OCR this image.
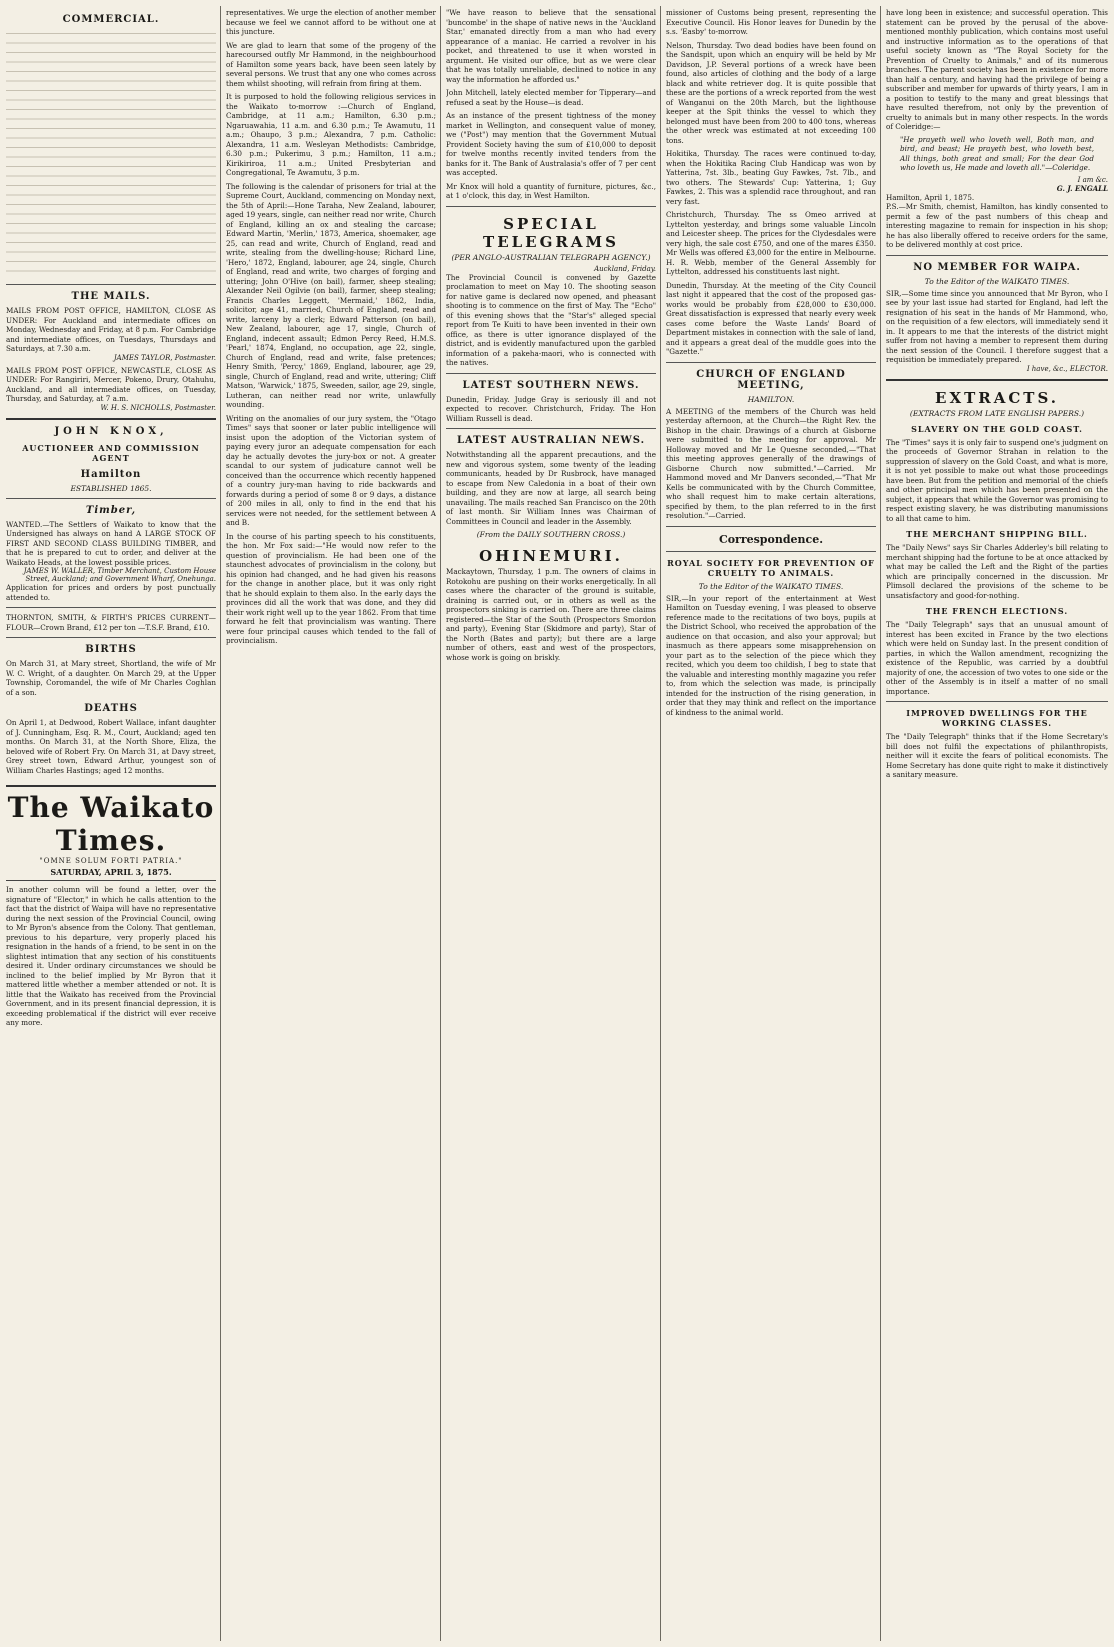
COMMERCIAL.
THE MAILS.
MAILS FROM POST OFFICE, HAMILTON, CLOSE AS UNDER: For Auckland and intermediate offices on Monday, Wednesday and Friday, at 8 p.m. For Cambridge and intermediate offices, on Tuesdays, Thursdays and Saturdays, at 7.30 a.m.
JAMES TAYLOR, Postmaster.
MAILS FROM POST OFFICE, NEWCASTLE, CLOSE AS UNDER: For Rangiriri, Mercer, Pokeno, Drury, Otahuhu, Auckland, and all intermediate offices, on Tuesday, Thursday, and Saturday, at 7 a.m.
W. H. S. NICHOLLS, Postmaster.
JOHN KNOX,
AUCTIONEER AND COMMISSION AGENT
Hamilton
ESTABLISHED 1865.
Timber,
WANTED.—The Settlers of Waikato to know that the Undersigned has always on hand A LARGE STOCK OF FIRST AND SECOND CLASS BUILDING TIMBER, and that he is prepared to cut to order, and deliver at the Waikato Heads, at the lowest possible prices.
JAMES W. WALLER, Timber Merchant, Custom House Street, Auckland; and Government Wharf, Onehunga.
Application for prices and orders by post punctually attended to.
THORNTON, SMITH, & FIRTH'S PRICES CURRENT— FLOUR—Crown Brand, £12 per ton —T.S.F. Brand, £10.
BIRTHS
On March 31, at Mary street, Shortland, the wife of Mr W. C. Wright, of a daughter. On March 29, at the Upper Township, Coromandel, the wife of Mr Charles Coghlan of a son.
DEATHS
On April 1, at Dedwood, Robert Wallace, infant daughter of J. Cunningham, Esq. R. M., Court, Auckland; aged ten months. On March 31, at the North Shore, Eliza, the beloved wife of Robert Fry. On March 31, at Davy street, Grey street town, Edward Arthur, youngest son of William Charles Hastings; aged 12 months.
The Waikato Times.
"OMNE SOLUM FORTI PATRIA."
SATURDAY, APRIL 3, 1875.
In another column will be found a letter, over the signature of "Elector," in which he calls attention to the fact that the district of Waipa will have no representative during the next session of the Provincial Council, owing to Mr Byron's absence from the Colony. That gentleman, previous to his departure, very properly placed his resignation in the hands of a friend, to be sent in on the slightest intimation that any section of his constituents desired it. Under ordinary circumstances we should be inclined to the belief implied by Mr Byron that it mattered little whether a member attended or not. It is little that the Waikato has received from the Provincial Government, and in its present financial depression, it is exceeding problematical if the district will ever receive any more.
representatives. We urge the election of another member because we feel we cannot afford to be without one at this juncture.

We are glad to learn that some of the progeny of the harecoursed outfly Mr Hammond, in the neighbourhood of Hamilton some years back, have been seen lately by several persons. We trust that any one who comes across them whilst shooting, will refrain from firing at them.

It is purposed to hold the following religious services in the Waikato to-morrow :—Church of England, Cambridge, at 11 a.m.; Hamilton, 6.30 p.m.; Ngaruawahia, 11 a.m. and 6.30 p.m.; Te Awamutu, 11 a.m.; Ohaupo, 3 p.m.; Alexandra, 7 p.m. Catholic: Alexandra, 11 a.m. Wesleyan Methodists: Cambridge, 6.30 p.m.; Pukerimu, 3 p.m.; Hamilton, 11 a.m.; Kirikiriroa, 11 a.m.; United Presbyterian and Congregational, Te Awamutu, 3 p.m.

The following is the calendar of prisoners for trial at the Supreme Court, Auckland, commencing on Monday next, the 5th of April:—Hone Taraha, New Zealand, labourer, aged 19 years, single, can neither read nor write, Church of England, killing an ox and stealing the carcase; Edward Martin, 'Merlin,' 1873, America, shoemaker, age 25, can read and write, Church of England, read and write, stealing from the dwelling-house; Richard Line, 'Hero,' 1872, England, labourer, age 24, single, Church of England, read and write, two charges of forging and uttering; John O'Hive (on bail), farmer, sheep stealing; Alexander Neil Ogilvie (on bail), farmer, sheep stealing; Francis Charles Leggett, 'Mermaid,' 1862, India, solicitor, age 41, married, Church of England, read and write, larceny by a clerk; Edward Patterson (on bail), New Zealand, labourer, age 17, single, Church of England, indecent assault; Edmon Percy Reed, H.M.S. 'Pearl,' 1874, England, no occupation, age 22, single, Church of England, read and write, false pretences; Henry Smith, 'Percy,' 1869, England, labourer, age 29, single, Church of England, read and write, uttering; Cliff Matson, 'Warwick,' 1875, Sweeden, sailor, age 29, single, Lutheran, can neither read nor write, unlawfully wounding.

Writing on the anomalies of our jury system, the "Otago Times" says that sooner or later public intelligence will insist upon the adoption of the Victorian system of paying every juror an adequate compensation for each day he actually devotes the jury-box or not. A greater scandal to our system of judicature cannot well be conceived than the occurrence which recently happened of a country jury-man having to ride backwards and forwards during a period of some 8 or 9 days, a distance of 200 miles in all, only to find in the end that his services were not needed, for the settlement between A and B.

In the course of his parting speech to his constituents, the hon. Mr Fox said:—"He would now refer to the question of provincialism. He had been one of the staunchest advocates of provincialism in the colony, but his opinion had changed, and he had given his reasons for the change in another place, but it was only right that he should explain to them also. In the early days the provinces did all the work that was done, and they did their work right well up to the year 1862. From that time forward he felt that provincialism was wanting. There were four principal causes which tended to the fall of provincialism.

"We have reason to believe that the sensational 'buncombe' in the shape of native news in the 'Auckland Star,' emanated directly from a man who had every appearance of a maniac. He carried a revolver in his pocket, and threatened to use it when worsted in argument. He visited our office, but as we were clear that he was totally unreliable, declined to notice in any way the information he afforded us."

John Mitchell, lately elected member for Tipperary—and refused a seat by the House—is dead.

As an instance of the present tightness of the money market in Wellington, and consequent value of money, we ("Post") may mention that the Government Mutual Provident Society having the sum of £10,000 to deposit for twelve months recently invited tenders from the banks for it. The Bank of Australasia's offer of 7 per cent was accepted.

Mr Knox will hold a quantity of furniture, pictures, &c., at 1 o'clock, this day, in West Hamilton.

SPECIAL TELEGRAMS
(PER ANGLO-AUSTRALIAN TELEGRAPH AGENCY.)
Auckland, Friday.
The Provincial Council is convened by Gazette proclamation to meet on May 10. The shooting season for native game is declared now opened, and pheasant shooting is to commence on the first of May. The "Echo" of this evening shows that the "Star's" alleged special report from Te Kuiti to have been invented in their own office, as there is utter ignorance displayed of the district, and is evidently manufactured upon the garbled information of a pakeha-maori, who is connected with the natives.
LATEST SOUTHERN NEWS.
Dunedin, Friday. Judge Gray is seriously ill and not expected to recover. Christchurch, Friday. The Hon William Russell is dead.
LATEST AUSTRALIAN NEWS.
Notwithstanding all the apparent precautions, and the new and vigorous system, some twenty of the leading communicants, headed by Dr Rusbrock, have managed to escape from New Caledonia in a boat of their own building, and they are now at large, all search being unavailing. The mails reached San Francisco on the 20th of last month. Sir William Innes was Chairman of Committees in Council and leader in the Assembly.
(From the DAILY SOUTHERN CROSS.)
OHINEMURI.
Mackaytown, Thursday, 1 p.m. The owners of claims in Rotokohu are pushing on their works energetically. In all cases where the character of the ground is suitable, draining is carried out, or in others as well as the prospectors sinking is carried on. There are three claims registered—the Star of the South (Prospectors Smordon and party), Evening Star (Skidmore and party), Star of the North (Bates and party); but there are a large number of others, east and west of the prospectors, whose work is going on briskly.
missioner of Customs being present, representing the Executive Council. His Honor leaves for Dunedin by the s.s. 'Easby' to-morrow.

Nelson, Thursday. Two dead bodies have been found on the Sandspit, upon which an enquiry will be held by Mr Davidson, J.P. Several portions of a wreck have been found, also articles of clothing and the body of a large black and white retriever dog. It is quite possible that these are the portions of a wreck reported from the west of Wanganui on the 20th March, but the lighthouse keeper at the Spit thinks the vessel to which they belonged must have been from 200 to 400 tons, whereas the other wreck was estimated at not exceeding 100 tons.

Hokitika, Thursday. The races were continued to-day, when the Hokitika Racing Club Handicap was won by Yatterina, 7st. 3lb., beating Guy Fawkes, 7st. 7lb., and two others. The Stewards' Cup: Yatterina, 1; Guy Fawkes, 2. This was a splendid race throughout, and ran very fast.

Christchurch, Thursday. The ss Omeo arrived at Lyttelton yesterday, and brings some valuable Lincoln and Leicester sheep. The prices for the Clydesdales were very high, the sale cost £750, and one of the mares £350. Mr Wells was offered £3,000 for the entire in Melbourne. H. R. Webb, member of the General Assembly for Lyttelton, addressed his constituents last night.

Dunedin, Thursday. At the meeting of the City Council last night it appeared that the cost of the proposed gas-works would be probably from £28,000 to £30,000. Great dissatisfaction is expressed that nearly every week cases come before the Waste Lands' Board of Department mistakes in connection with the sale of land, and it appears a great deal of the muddle goes into the "Gazette."

CHURCH OF ENGLAND MEETING,
HAMILTON.
A MEETING of the members of the Church was held yesterday afternoon, at the Church—the Right Rev. the Bishop in the chair. Drawings of a church at Gisborne were submitted to the meeting for approval. Mr Holloway moved and Mr Le Quesne seconded,—"That this meeting approves generally of the drawings of Gisborne Church now submitted."—Carried. Mr Hammond moved and Mr Danvers seconded,—"That Mr Kells be communicated with by the Church Committee, who shall request him to make certain alterations, specified by them, to the plan referred to in the first resolution."—Carried.
Correspondence.
ROYAL SOCIETY FOR PREVENTION OF CRUELTY TO ANIMALS.
To the Editor of the WAIKATO TIMES.
SIR,—In your report of the entertainment at West Hamilton on Tuesday evening, I was pleased to observe reference made to the recitations of two boys, pupils at the District School, who received the approbation of the audience on that occasion, and also your approval; but inasmuch as there appears some misapprehension on your part as to the selection of the piece which they recited, which you deem too childish, I beg to state that the valuable and interesting monthly magazine you refer to, from which the selection was made, is principally intended for the instruction of the rising generation, in order that they may think and reflect on the importance of kindness to the animal world.
have long been in existence; and successful operation. This statement can be proved by the perusal of the above-mentioned monthly publication, which contains most useful and instructive information as to the operations of that useful society known as "The Royal Society for the Prevention of Cruelty to Animals," and of its numerous branches. The parent society has been in existence for more than half a century, and having had the privilege of being a subscriber and member for upwards of thirty years, I am in a position to testify to the many and great blessings that have resulted therefrom, not only by the prevention of cruelty to animals but in many other respects. In the words of Coleridge:—
"He prayeth well who loveth well, Both man, and bird, and beast; He prayeth best, who loveth best, All things, both great and small; For the dear God who loveth us, He made and loveth all."—Coleridge.
I am &c.
G. J. ENGALL
Hamilton, April 1, 1875.
P.S.—Mr Smith, chemist, Hamilton, has kindly consented to permit a few of the past numbers of this cheap and interesting magazine to remain for inspection in his shop; he has also liberally offered to receive orders for the same, to be delivered monthly at cost price.
NO MEMBER FOR WAIPA.
To the Editor of the WAIKATO TIMES.
SIR,—Some time since you announced that Mr Byron, who I see by your last issue had started for England, had left the resignation of his seat in the hands of Mr Hammond, who, on the requisition of a few electors, will immediately send it in. It appears to me that the interests of the district might suffer from not having a member to represent them during the next session of the Council. I therefore suggest that a requisition be immediately prepared.
I have, &c., ELECTOR.
EXTRACTS.
(EXTRACTS FROM LATE ENGLISH PAPERS.)
SLAVERY ON THE GOLD COAST.
The "Times" says it is only fair to suspend one's judgment on the proceeds of Governor Strahan in relation to the suppression of slavery on the Gold Coast, and what is more, it is not yet possible to make out what those proceedings have been. But from the petition and memorial of the chiefs and other principal men which has been presented on the subject, it appears that while the Governor was promising to respect existing slavery, he was distributing manumissions to all that came to him.
THE MERCHANT SHIPPING BILL.
The "Daily News" says Sir Charles Adderley's bill relating to merchant shipping had the fortune to be at once attacked by what may be called the Left and the Right of the parties which are principally concerned in the discussion. Mr Plimsoll declared the provisions of the scheme to be unsatisfactory and good-for-nothing.
THE FRENCH ELECTIONS.
The "Daily Telegraph" says that an unusual amount of interest has been excited in France by the two elections which were held on Sunday last. In the present condition of parties, in which the Wallon amendment, recognizing the existence of the Republic, was carried by a doubtful majority of one, the accession of two votes to one side or the other of the Assembly is in itself a matter of no small importance.
IMPROVED DWELLINGS FOR THE WORKING CLASSES.
The "Daily Telegraph" thinks that if the Home Secretary's bill does not fulfil the expectations of philanthropists, neither will it excite the fears of political economists. The Home Secretary has done quite right to make it distinctively a sanitary measure.
